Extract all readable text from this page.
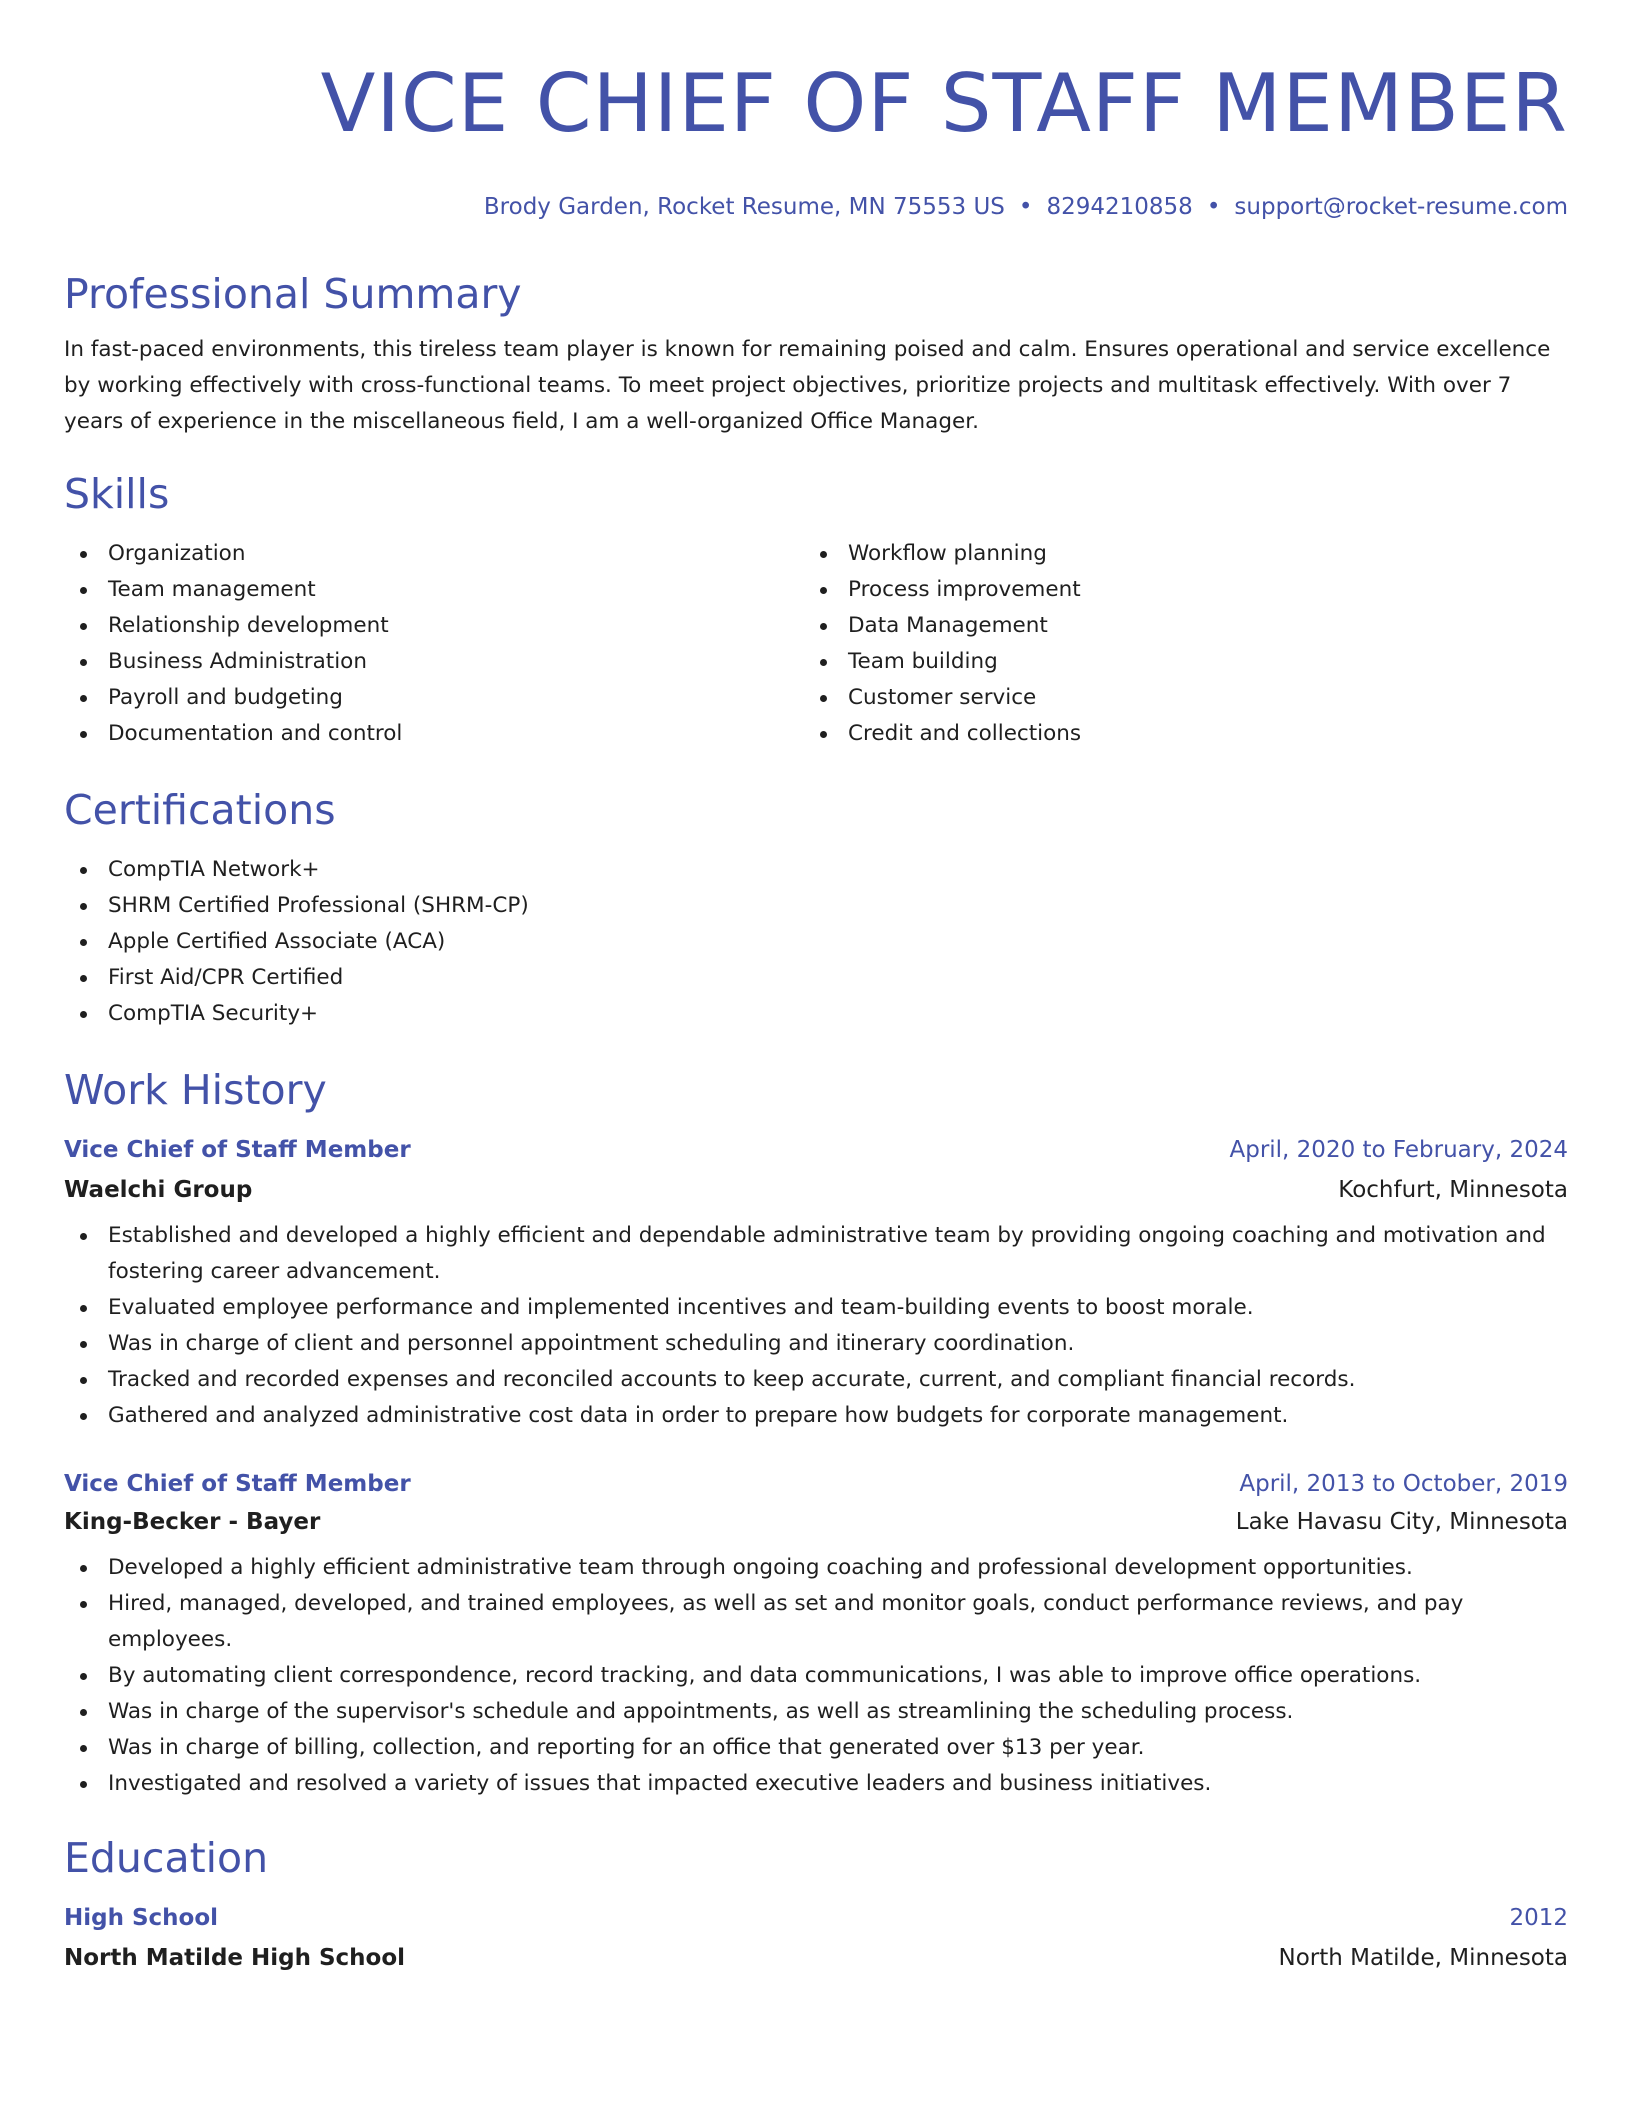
VICE CHIEF OF STAFF MEMBER
Brody Garden, Rocket Resume, MN 75553 US • 8294210858 • support@rocket-resume.com
Professional Summary

In fast-paced environments, this tireless team player is known for remaining poised and calm. Ensures operational and service excellence by working effectively with cross-functional teams. To meet project objectives, prioritize projects and multitask effectively. With over 7 years of experience in the miscellaneous field, I am a well-organized Office Manager.

Skills
Organization
Team management
Relationship development
Business Administration
Payroll and budgeting
Documentation and control
Workflow planning
Process improvement
Data Management
Team building
Customer service
Credit and collections
Certifications
CompTIA Network+
SHRM Certified Professional (SHRM-CP)
Apple Certified Associate (ACA)
First Aid/CPR Certified
CompTIA Security+
Work History
Vice Chief of Staff Member	April, 2020 to February, 2024
Waelchi Group	Kochfurt, Minnesota
Established and developed a highly efficient and dependable administrative team by providing ongoing coaching and motivation and fostering career advancement.
Evaluated employee performance and implemented incentives and team-building events to boost morale.
Was in charge of client and personnel appointment scheduling and itinerary coordination.
Tracked and recorded expenses and reconciled accounts to keep accurate, current, and compliant financial records.
Gathered and analyzed administrative cost data in order to prepare how budgets for corporate management.
Vice Chief of Staff Member	April, 2013 to October, 2019
King-Becker - Bayer	Lake Havasu City, Minnesota
Developed a highly efficient administrative team through ongoing coaching and professional development opportunities.
Hired, managed, developed, and trained employees, as well as set and monitor goals, conduct performance reviews, and pay employees.
By automating client correspondence, record tracking, and data communications, I was able to improve office operations.
Was in charge of the supervisor's schedule and appointments, as well as streamlining the scheduling process.
Was in charge of billing, collection, and reporting for an office that generated over $13 per year.
Investigated and resolved a variety of issues that impacted executive leaders and business initiatives.
Education
High School	2012
North Matilde High School	North Matilde, Minnesota
